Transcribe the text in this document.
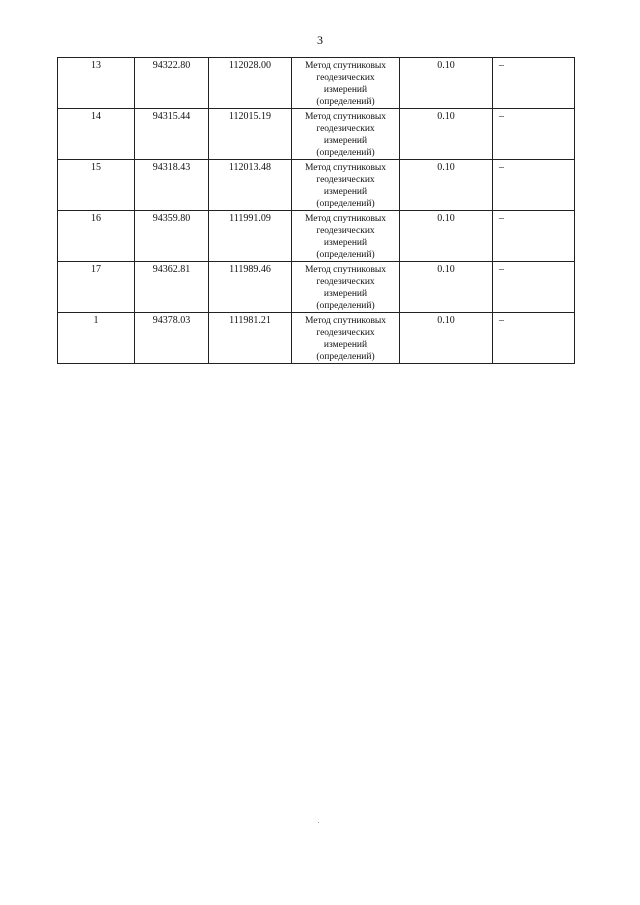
3
13	94322.80	112028.00	Метод спутниковых геодезических измерений (определений)	0.10	–
14	94315.44	112015.19	Метод спутниковых геодезических измерений (определений)	0.10	–
15	94318.43	112013.48	Метод спутниковых геодезических измерений (определений)	0.10	–
16	94359.80	111991.09	Метод спутниковых геодезических измерений (определений)	0.10	–
17	94362.81	111989.46	Метод спутниковых геодезических измерений (определений)	0.10	–
1	94378.03	111981.21	Метод спутниковых геодезических измерений (определений)	0.10	–
